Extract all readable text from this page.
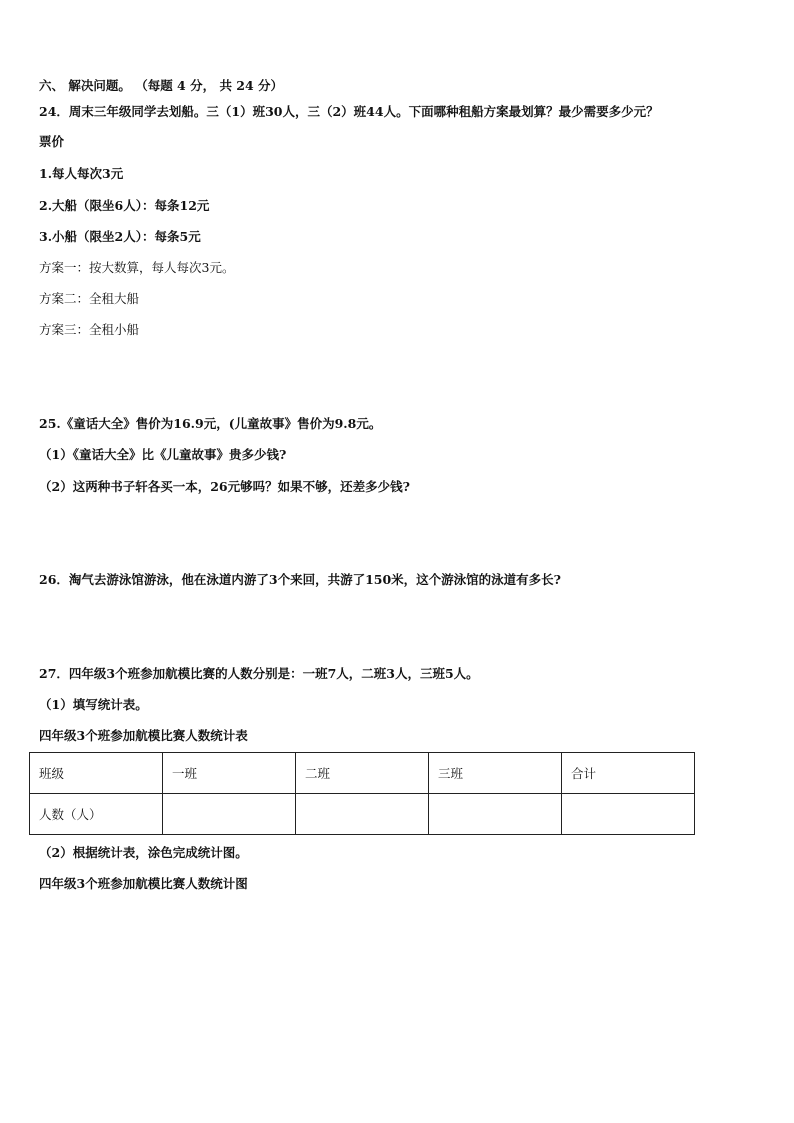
六、 解决问题。 （每题 4 分， 共 24 分）
24．周末三年级同学去划船。三（1）班30人，三（2）班44人。下面哪种租船方案最划算？最少需要多少元？
票价
1.每人每次3元
2.大船（限坐6人）：每条12元
3.小船（限坐2人）：每条5元
方案一：按大数算，每人每次3元。
方案二：全租大船
方案三：全租小船
25.《童话大全》售价为16.9元，(儿童故事》售价为9.8元。
（1）《童话大全》比《儿童故事》贵多少钱?
（2）这两种书子轩各买一本，26元够吗？如果不够，还差多少钱?
26．淘气去游泳馆游泳，他在泳道内游了3个来回，共游了150米，这个游泳馆的泳道有多长?
27．四年级3个班参加航模比赛的人数分别是：一班7人，二班3人，三班5人。
（1）填写统计表。
四年级3个班参加航模比赛人数统计表
班级	一班	二班	三班	合计
人数（人）				
（2）根据统计表，涂色完成统计图。
四年级3个班参加航模比赛人数统计图
